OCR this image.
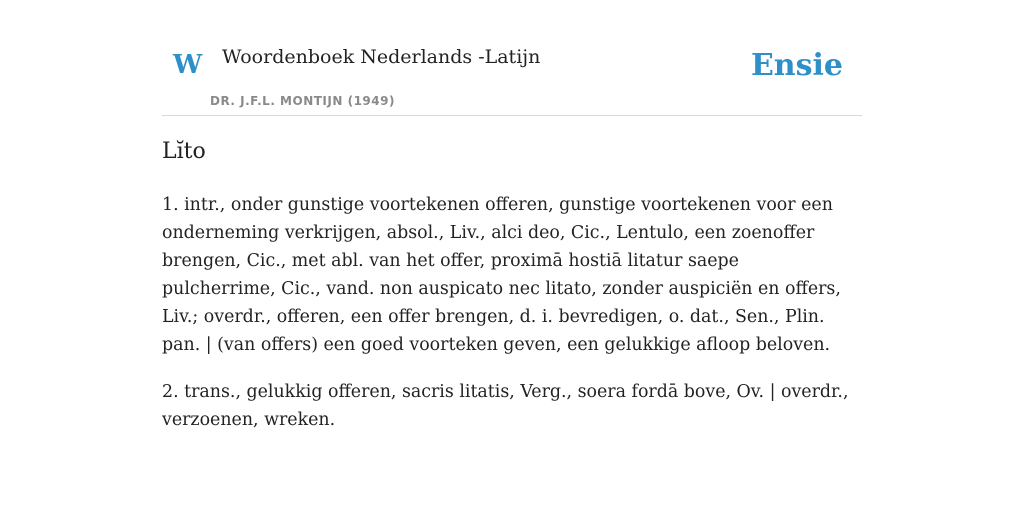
W Woordenboek Nederlands -Latijn
DR. J.F.L. MONTIJN (1949)
Ensie
Lĭto

1. intr., onder gunstige voortekenen offeren, gunstige voortekenen voor een onderneming verkrijgen, absol., Liv., alci deo, Cic., Lentulo, een zoenoffer brengen, Cic., met abl. van het offer, proximā hostiā litatur saepe pulcherrime, Cic., vand. non auspicato nec litato, zonder auspiciën en offers, Liv.; overdr., offeren, een offer brengen, d. i. bevredigen, o. dat., Sen., Plin. pan. | (van offers) een goed voorteken geven, een gelukkige afloop beloven.

2. trans., gelukkig offeren, sacris litatis, Verg., soera fordā bove, Ov. | overdr., verzoenen, wreken.
